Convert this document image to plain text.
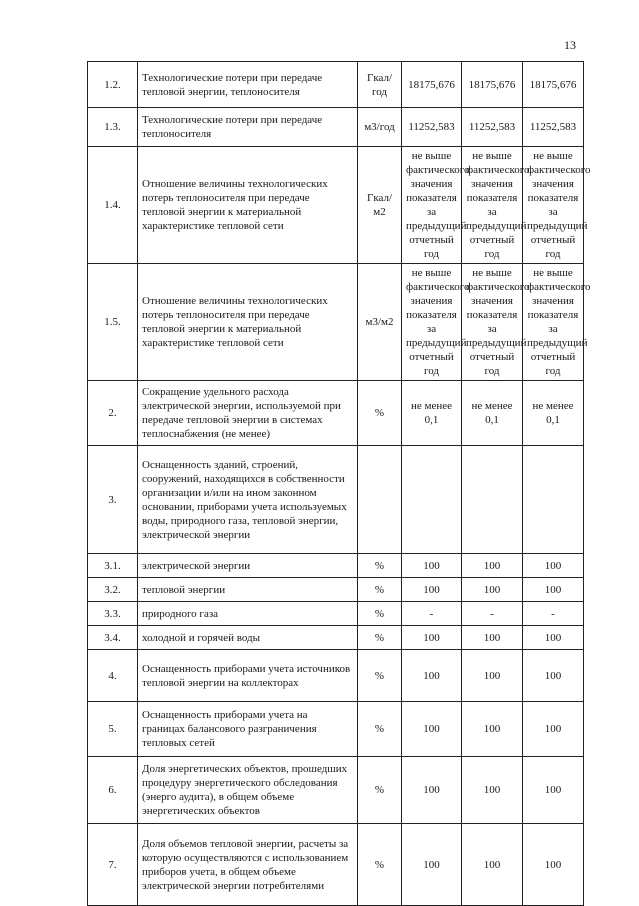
13
1.2.	Технологические потери при передаче тепловой энергии, теплоносителя	Гкал/ год	18175,676	18175,676	18175,676
1.3.	Технологические потери при передаче теплоносителя	м3/год	11252,583	11252,583	11252,583
1.4.	Отношение величины технологических потерь теплоносителя при передаче тепловой энергии к материальной характеристике тепловой сети	Гкал/ м2	не выше фактического значения показателя за предыдущий отчетный год	не выше фактического значения показателя за предыдущий отчетный год	не выше фактического значения показателя за предыдущий отчетный год
1.5.	Отношение величины технологических потерь теплоносителя при передаче тепловой энергии к материальной характеристике тепловой сети	м3/м2	не выше фактического значения показателя за предыдущий отчетный год	не выше фактического значения показателя за предыдущий отчетный год	не выше фактического значения показателя за предыдущий отчетный год
2.	Сокращение удельного расхода электрической энергии, используемой при передаче тепловой энергии в системах теплоснабжения (не менее)	%	не менее 0,1	не менее 0,1	не менее 0,1
3.	Оснащенность зданий, строений, сооружений, находящихся в собственности организации и/или на ином законном основании, приборами учета используемых воды, природного газа, тепловой энергии, электрической энергии				
3.1.	электрической энергии	%	100	100	100
3.2.	тепловой энергии	%	100	100	100
3.3.	природного газа	%	-	-	-
3.4.	холодной и горячей воды	%	100	100	100
4.	Оснащенность приборами учета источников тепловой энергии на коллекторах	%	100	100	100
5.	Оснащенность приборами учета на границах балансового разграничения тепловых сетей	%	100	100	100
6.	Доля энергетических объектов, прошедших процедуру энергетического обследования (энерго аудита), в общем объеме энергетических объектов	%	100	100	100
7.	Доля объемов тепловой энергии, расчеты за которую осуществляются с использованием приборов учета, в общем объеме электрической энергии потребителями	%	100	100	100
